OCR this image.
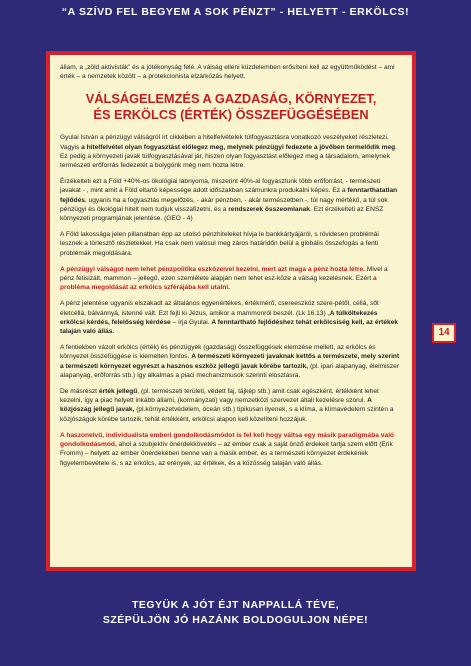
“A SZÍVD FEL BEGYEM A SOK PÉNZT” - HELYETT - ERKÖLCS!

állam, a „zöld aktivisták” és a jótékonyság felé. A válság elleni küzdelemben erősíteni kell az együttműködést – ami érték – a nemzetek között – a protekcionista elzárkózás helyett.

VÁLSÁGELEMZÉS A GAZDASÁG, KÖRNYEZET,
ÉS ERKÖLCS (ÉRTÉK) ÖSSZEFÜGGÉSÉBEN

Gyulai István a pénzügyi válságról írt cikkében a hitelfelvételek túlfogyasztásra vonatkozó veszélyeket részletezi. Vagyis a hitelfelvétel olyan fogyasztást előlegez meg, melynek pénzügyi fedezete a jövőben termelődik meg. Ez pedig a környezeti javak túlfogyasztásával jár, hiszen olyan fogyasztást előlegez meg a társadalom, amelynek természeti erőforrás fedezetét a bolygónk még nem hozta létre.

Érzékelteti ezt a Föld +40%-os ökológiai lábnyoma, miszerint 40%-al fogyasztunk több erőforrást, - természeti javakat - , mint amit a Föld eltartó képessége adott időszakban számunkra produkálni képes. Ez a fenntarthatatlan fejlődés, ugyanis ha a fogyasztás megelőzés, - akár pénzben, - akár természetben -, túl nagy mértékű, a túl sok pénzügyi és ökológiai hitelt nem tudjuk visszafizetni, és a rendszerek összeomlanak. Ezt érzékelteti az ENSZ környezeti programjának jelentése. (GEO - 4)

A Föld lakossága jelen pillanatban épp az utolsó pénzhiteleket hívja le bankkártyájáról, s rövidesen problémái lesznek a törlesztő részletekkel. Ha csak nem valósul meg záros határidőn belül a globális összefogás a fenti problémák megoldására.

A pénzügyi válságot nem lehet pénzpolitika eszközeivel kezelni, mert azt maga a pénz hozta létre. Mivel a pénz fetisizált, mammon – jellegű, ezen szemlélete alapján nem lehet esz-köze a válság kezelésnek. Ezért a probléma megoldását az erkölcs szférájába kell utalni.

A pénz jelentése ugyanis elszakadt az általános egyenértékes, értékmérő, csereeszköz szere-pétől, céllá, sőt életcéllá, bálvánnyá, istenné vált. Ezt fejti ki Jézus, amikor a mammonról beszél. (Lk 16.13) „A túlköltekezés erkölcsi kérdés, felelősség kérdése – írja Gyulai. A fenntartható fejlődéshez tehát erkölcsiség kell, az értékek talaján való állás.

A fentiekben vázolt erkölcs (érték) és pénzügyek (gazdaság) összefüggések elemzése mellett, az erkölcs és környezet összefüggése is kiemelten fontos. A természeti környezeti javaknak kettős a természete, mely szerint a természeti környezet egyrészt a hasznos eszköz jellegű javak körébe tartozik, (pl. ipari alapanyag, élelmiszer alapanyag, erőforrás stb.) így alkalmas a piaci mechanizmusok szerinti elosztásra.

De másrészt érték jellegű, (pl. természeti területi, védett faj, tájkép stb.) amit csak egészként, értékként lehet kezelni, így a piac helyett inkább állami, (kormányzati) vagy nemzetközi szervezet általi kezelésre szorul. A közjószág jellegű javak, (pl.környezetvédelem, óceán stb.) tipikusan ilyenek, s a klíma, a klímavédelem szintén a közjószágok körébe tartozik, tehát értékként, erkölcsi alapon kell közelíteni hozzájuk.

A haszonelvű, individualista emberi gondolkodásmódot is fel kell hogy váltsa egy másik paradigmába való gondolkodásmód, ahol a szubjektív önérdekkövetés – az ember csak a saját önző érdekeit tartja szem előtt (Erik Fromm) – helyett az ember önérdekében benne van a másik ember, és a természeti környezet érdekének figyelembevétele is, s az erkölcs, az erények, az értékek, és a közösség talaján való állás.

14
TEGYÜK A JÓT ÉJT NAPPALLÁ TÉVE,
SZÉPÜLJÖN JÓ HAZÁNK BOLDOGULJON NÉPE!
